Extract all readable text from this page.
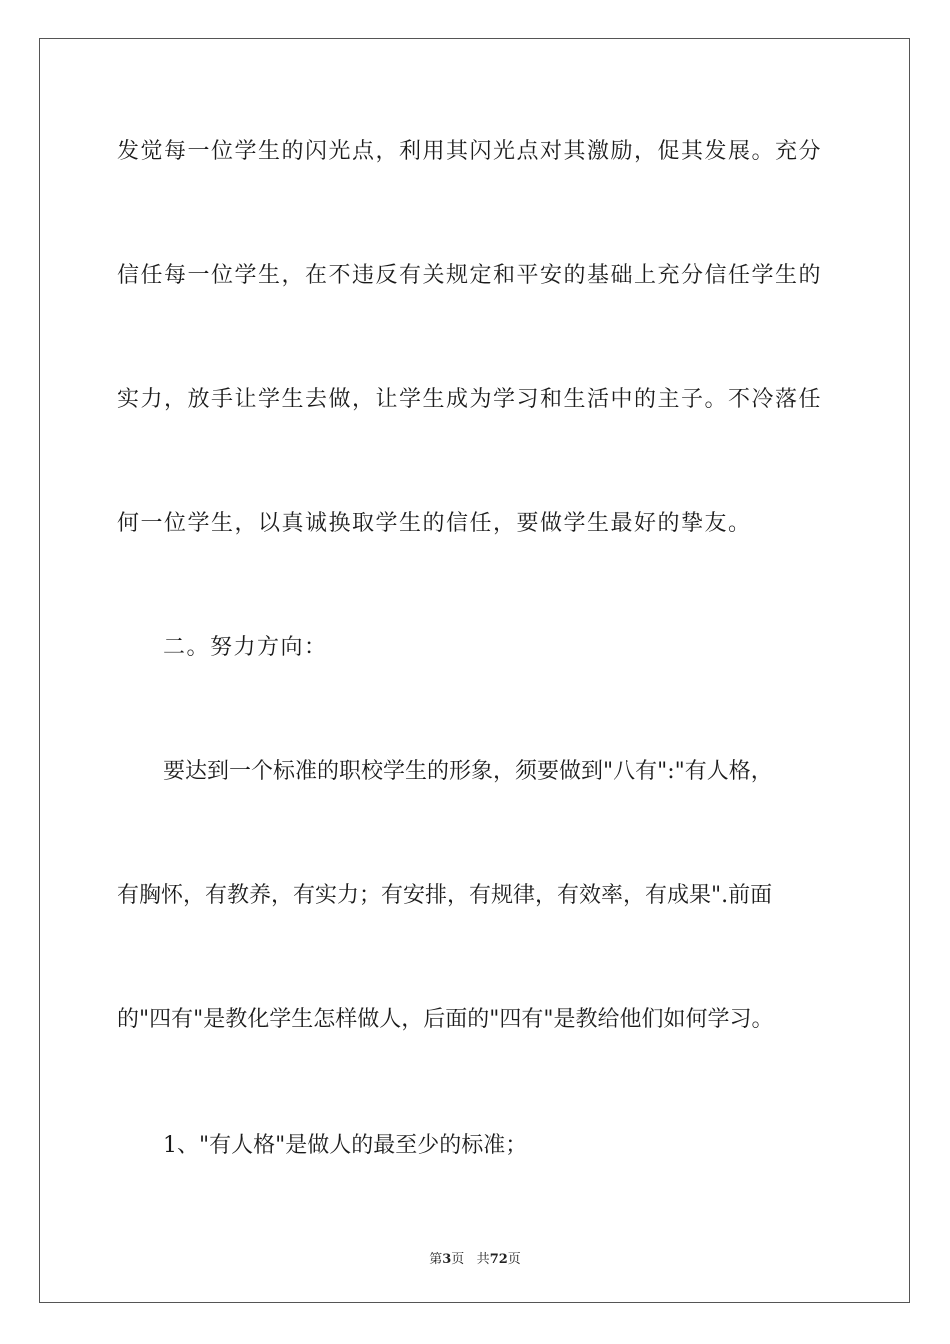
发觉每一位学生的闪光点，利用其闪光点对其激励，促其发展。充分
信任每一位学生，在不违反有关规定和平安的基础上充分信任学生的
实力，放手让学生去做，让学生成为学习和生活中的主子。不冷落任
何一位学生，以真诚换取学生的信任，要做学生最好的挚友。
二。努力方向：
要达到一个标准的职校学生的形象，须要做到"八有":"有人格，
有胸怀，有教养，有实力；有安排，有规律，有效率，有成果".前面
的"四有"是教化学生怎样做人，后面的"四有"是教给他们如何学习。
1、"有人格"是做人的最至少的标准；
第3页 共72页
